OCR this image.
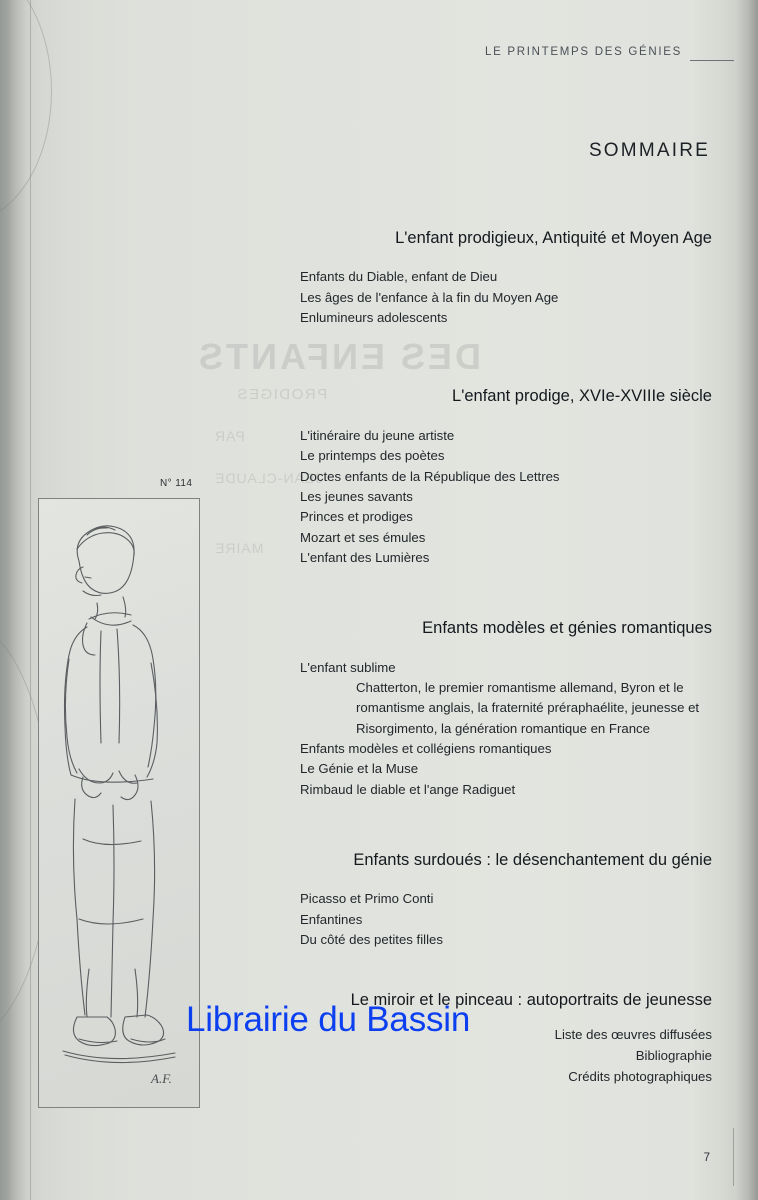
DES ENFANTS
PRODIGES
PAR
JEAN-CLAUDE
MAIRE
LE PRINTEMPS DES GÉNIES
SOMMAIRE
N° 114
A.F.
L'enfant prodigieux, Antiquité et Moyen Age
Enfants du Diable, enfant de Dieu
Les âges de l'enfance à la fin du Moyen Age
Enlumineurs adolescents
L'enfant prodige, XVIe-XVIIIe siècle
L'itinéraire du jeune artiste
Le printemps des poètes
Doctes enfants de la République des Lettres
Les jeunes savants
Princes et prodiges
Mozart et ses émules
L'enfant des Lumières
Enfants modèles et génies romantiques
L'enfant sublime
Chatterton, le premier romantisme allemand, Byron et le romantisme anglais, la fraternité préraphaélite, jeunesse et Risorgimento, la génération romantique en France
Enfants modèles et collégiens romantiques
Le Génie et la Muse
Rimbaud le diable et l'ange Radiguet
Enfants surdoués : le désenchantement du génie
Picasso et Primo Conti
Enfantines
Du côté des petites filles
Le miroir et le pinceau : autoportraits de jeunesse
Liste des œuvres diffusées
Bibliographie
Crédits photographiques
Librairie du Bassin
7
